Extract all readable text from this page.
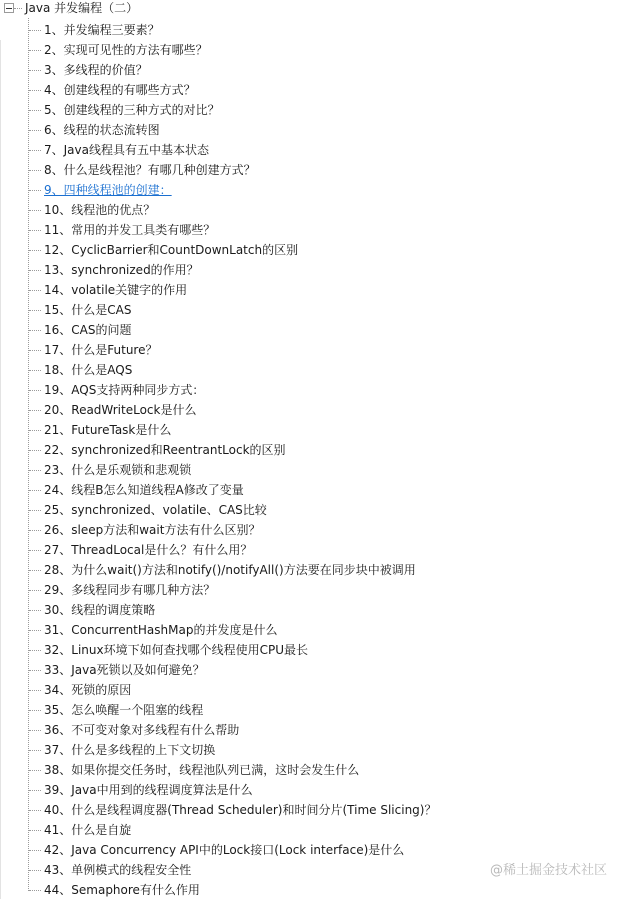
Java 并发编程（二）
1、并发编程三要素？
2、实现可见性的方法有哪些？
3、多线程的价值？
4、创建线程的有哪些方式？
5、创建线程的三种方式的对比？
6、线程的状态流转图
7、Java线程具有五中基本状态
8、什么是线程池？有哪几种创建方式？
9、四种线程池的创建：
10、线程池的优点？
11、常用的并发工具类有哪些？
12、CyclicBarrier和CountDownLatch的区别
13、synchronized的作用？
14、volatile关键字的作用
15、什么是CAS
16、CAS的问题
17、什么是Future？
18、什么是AQS
19、AQS支持两种同步方式：
20、ReadWriteLock是什么
21、FutureTask是什么
22、synchronized和ReentrantLock的区别
23、什么是乐观锁和悲观锁
24、线程B怎么知道线程A修改了变量
25、synchronized、volatile、CAS比较
26、sleep方法和wait方法有什么区别？
27、ThreadLocal是什么？有什么用？
28、为什么wait()方法和notify()/notifyAll()方法要在同步块中被调用
29、多线程同步有哪几种方法？
30、线程的调度策略
31、ConcurrentHashMap的并发度是什么
32、Linux环境下如何查找哪个线程使用CPU最长
33、Java死锁以及如何避免？
34、死锁的原因
35、怎么唤醒一个阻塞的线程
36、不可变对象对多线程有什么帮助
37、什么是多线程的上下文切换
38、如果你提交任务时，线程池队列已满，这时会发生什么
39、Java中用到的线程调度算法是什么
40、什么是线程调度器(Thread Scheduler)和时间分片(Time Slicing)？
41、什么是自旋
42、Java Concurrency API中的Lock接口(Lock interface)是什么
43、单例模式的线程安全性
44、Semaphore有什么作用
@稀土掘金技术社区
